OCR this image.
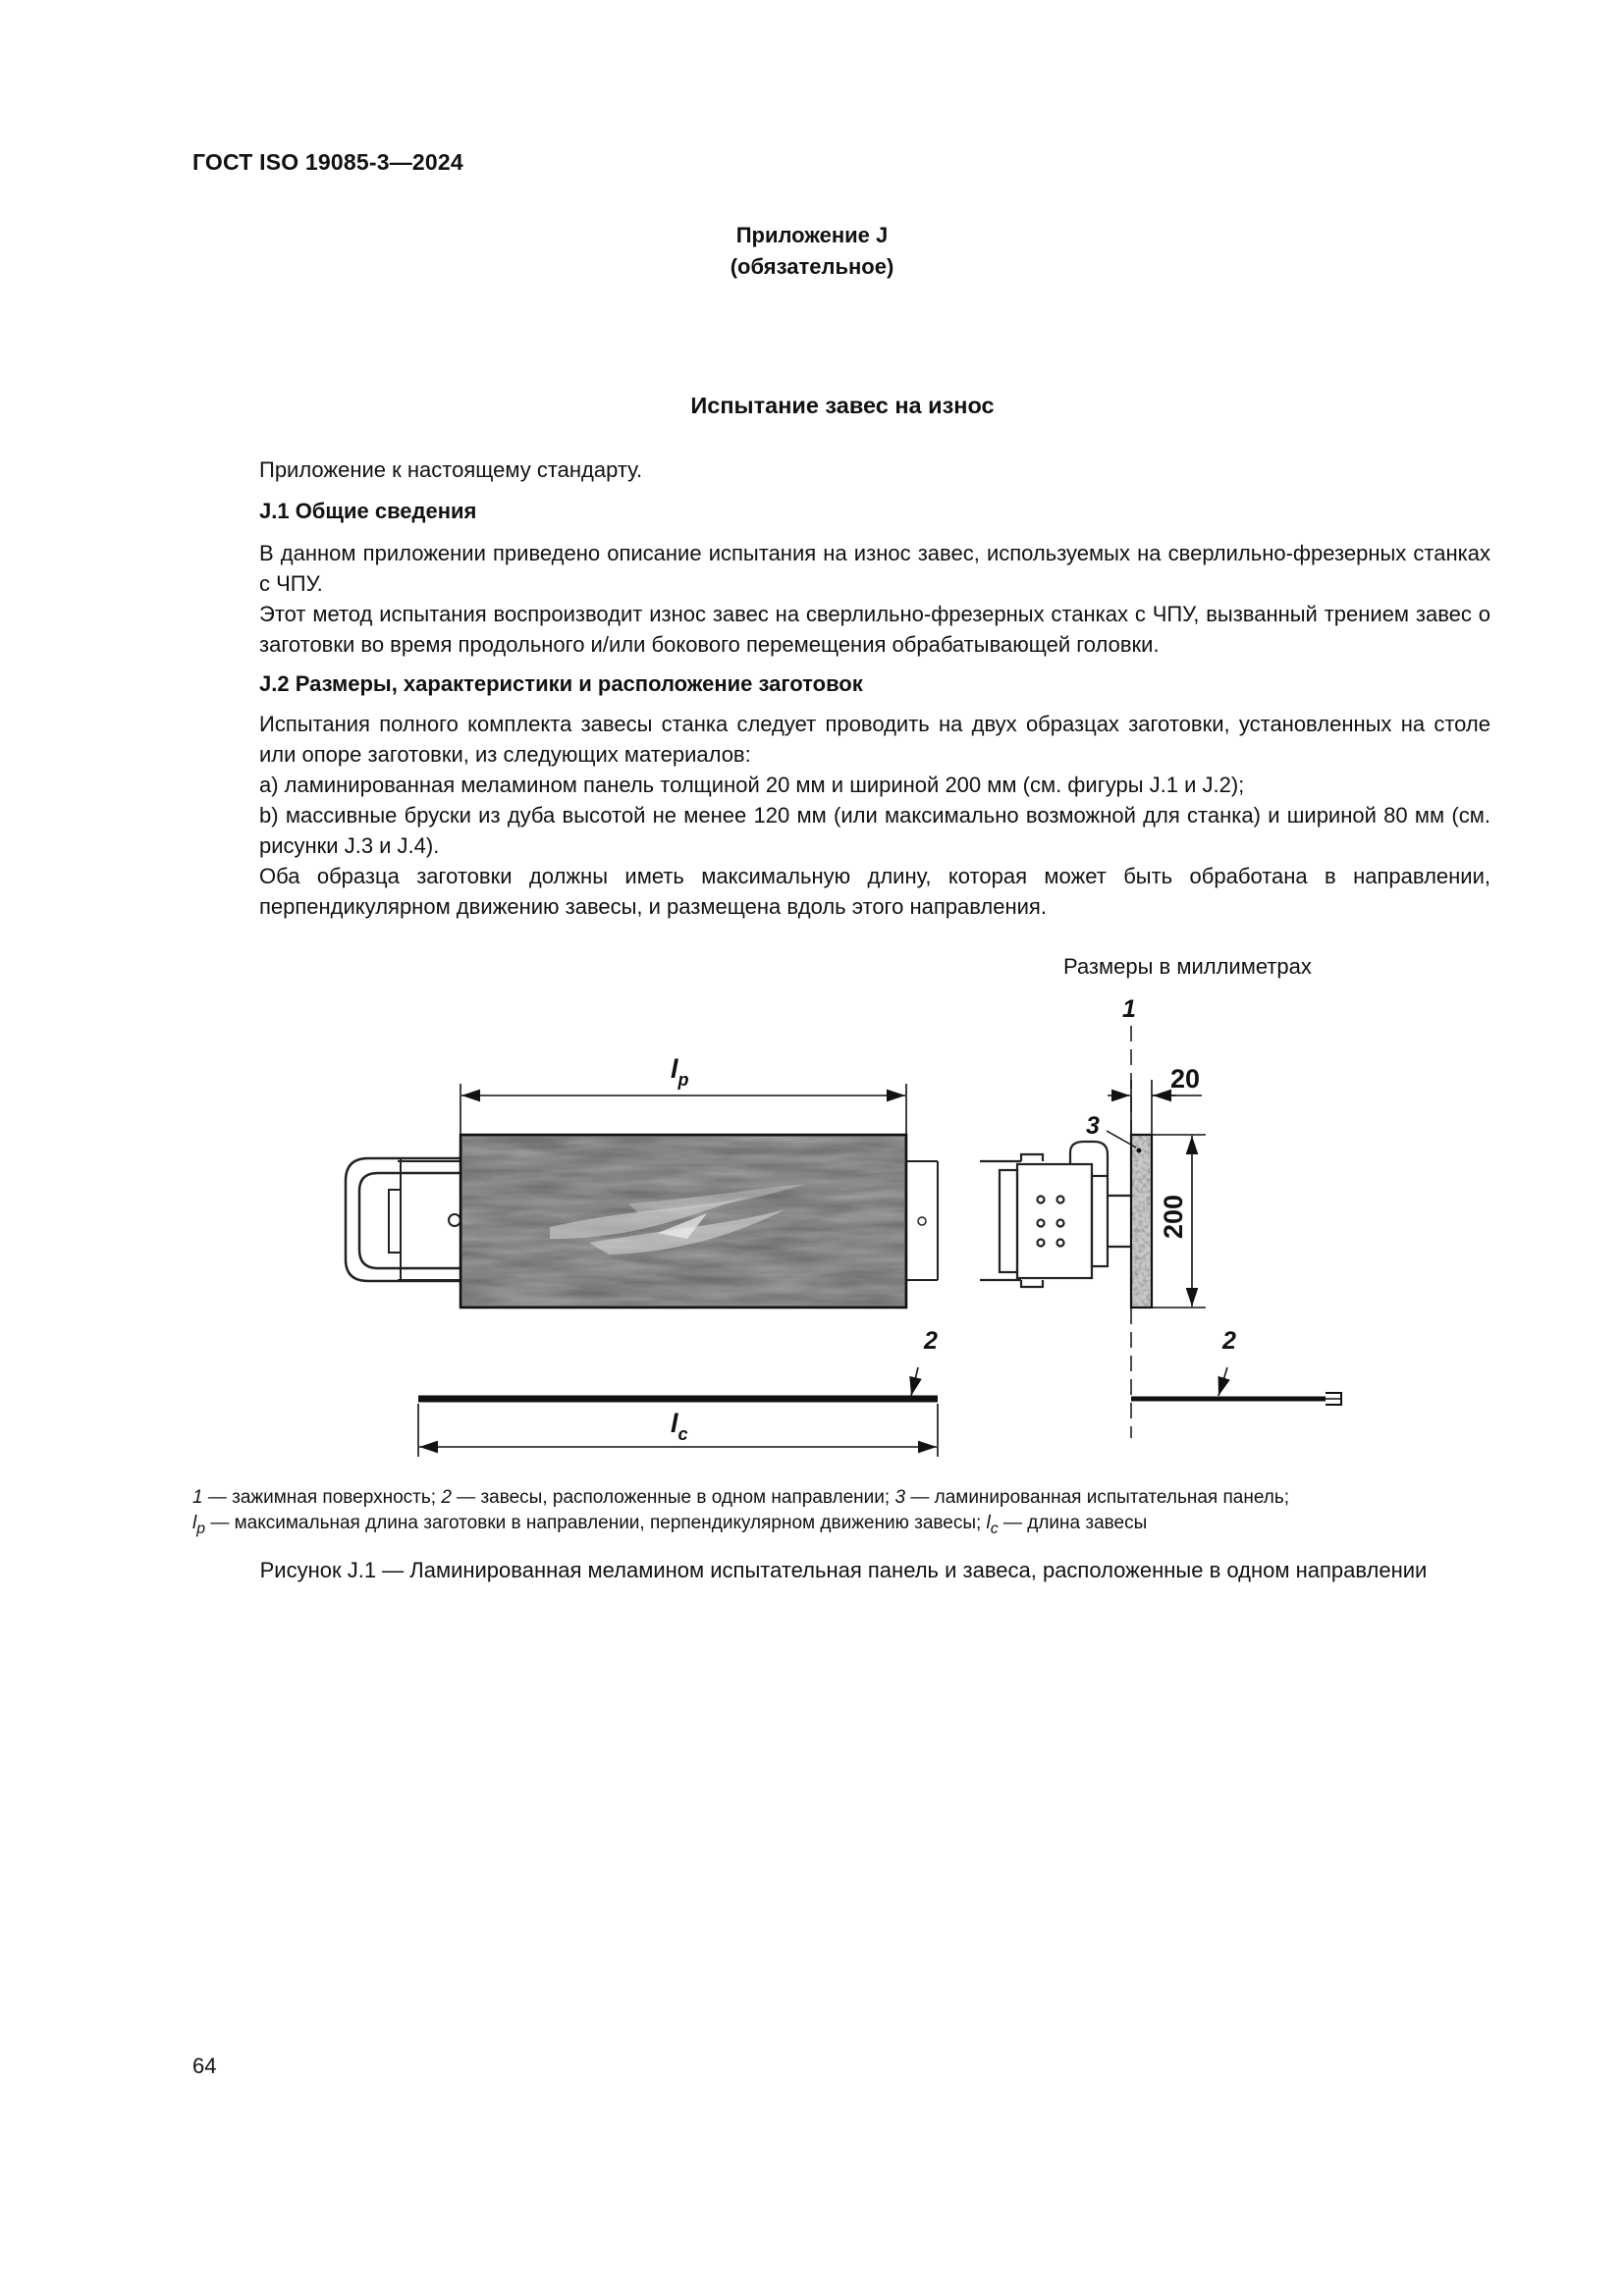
ГОСТ ISO 19085-3—2024
Приложение J
(обязательное)
Испытание завес на износ
Приложение к настоящему стандарту.
J.1 Общие сведения
В данном приложении приведено описание испытания на износ завес, используемых на сверлильно-фрезерных станках с ЧПУ.
Этот метод испытания воспроизводит износ завес на сверлильно-фрезерных станках с ЧПУ, вызванный трением завес о заготовки во время продольного и/или бокового перемещения обрабатывающей головки.
J.2 Размеры, характеристики и расположение заготовок
Испытания полного комплекта завесы станка следует проводить на двух образцах заготовки, установленных на столе или опоре заготовки, из следующих материалов:
a) ламинированная меламином панель толщиной 20 мм и шириной 200 мм (см. фигуры J.1 и J.2);
b) массивные бруски из дуба высотой не менее 120 мм (или максимально возможной для станка) и шириной 80 мм (см. рисунки J.3 и J.4).
Оба образца заготовки должны иметь максимальную длину, которая может быть обработана в направлении, перпендикулярном движению завесы, и размещена вдоль этого направления.
Размеры в миллиметрах
$l_p$
2
$l_c$
1
3
20
200
2
1 — зажимная поверхность; 2 — завесы, расположенные в одном направлении; 3 — ламинированная испытательная панель;
$l_p$ — максимальная длина заготовки в направлении, перпендикулярном движению завесы; $l_c$ — длина завесы
Рисунок J.1 — Ламинированная меламином испытательная панель и завеса, расположенные в одном направлении
64
